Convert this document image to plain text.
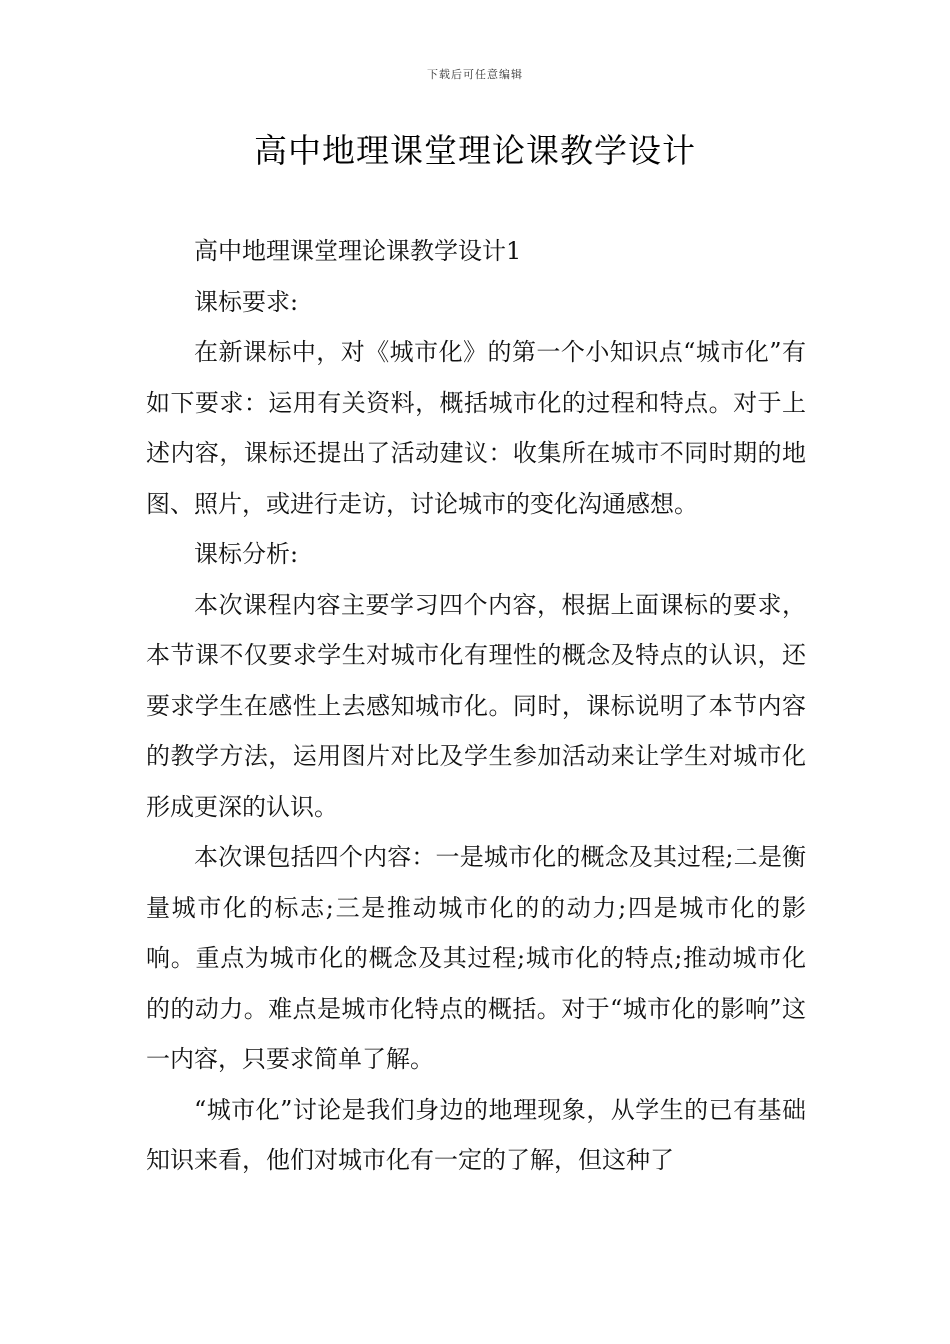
下载后可任意编辑
高中地理课堂理论课教学设计

高中地理课堂理论课教学设计1

课标要求:

在新课标中，对《城市化》的第一个小知识点“城市化”有如下要求：运用有关资料，概括城市化的过程和特点。对于上述内容，课标还提出了活动建议：收集所在城市不同时期的地图、照片，或进行走访，讨论城市的变化沟通感想。

课标分析:

本次课程内容主要学习四个内容，根据上面课标的要求，本节课不仅要求学生对城市化有理性的概念及特点的认识，还要求学生在感性上去感知城市化。同时，课标说明了本节内容的教学方法，运用图片对比及学生参加活动来让学生对城市化形成更深的认识。

本次课包括四个内容：一是城市化的概念及其过程;二是衡量城市化的标志;三是推动城市化的的动力;四是城市化的影响。重点为城市化的概念及其过程;城市化的特点;推动城市化的的动力。难点是城市化特点的概括。对于“城市化的影响”这一内容，只要求简单了解。

“城市化”讨论是我们身边的地理现象，从学生的已有基础知识来看，他们对城市化有一定的了解，但这种了
